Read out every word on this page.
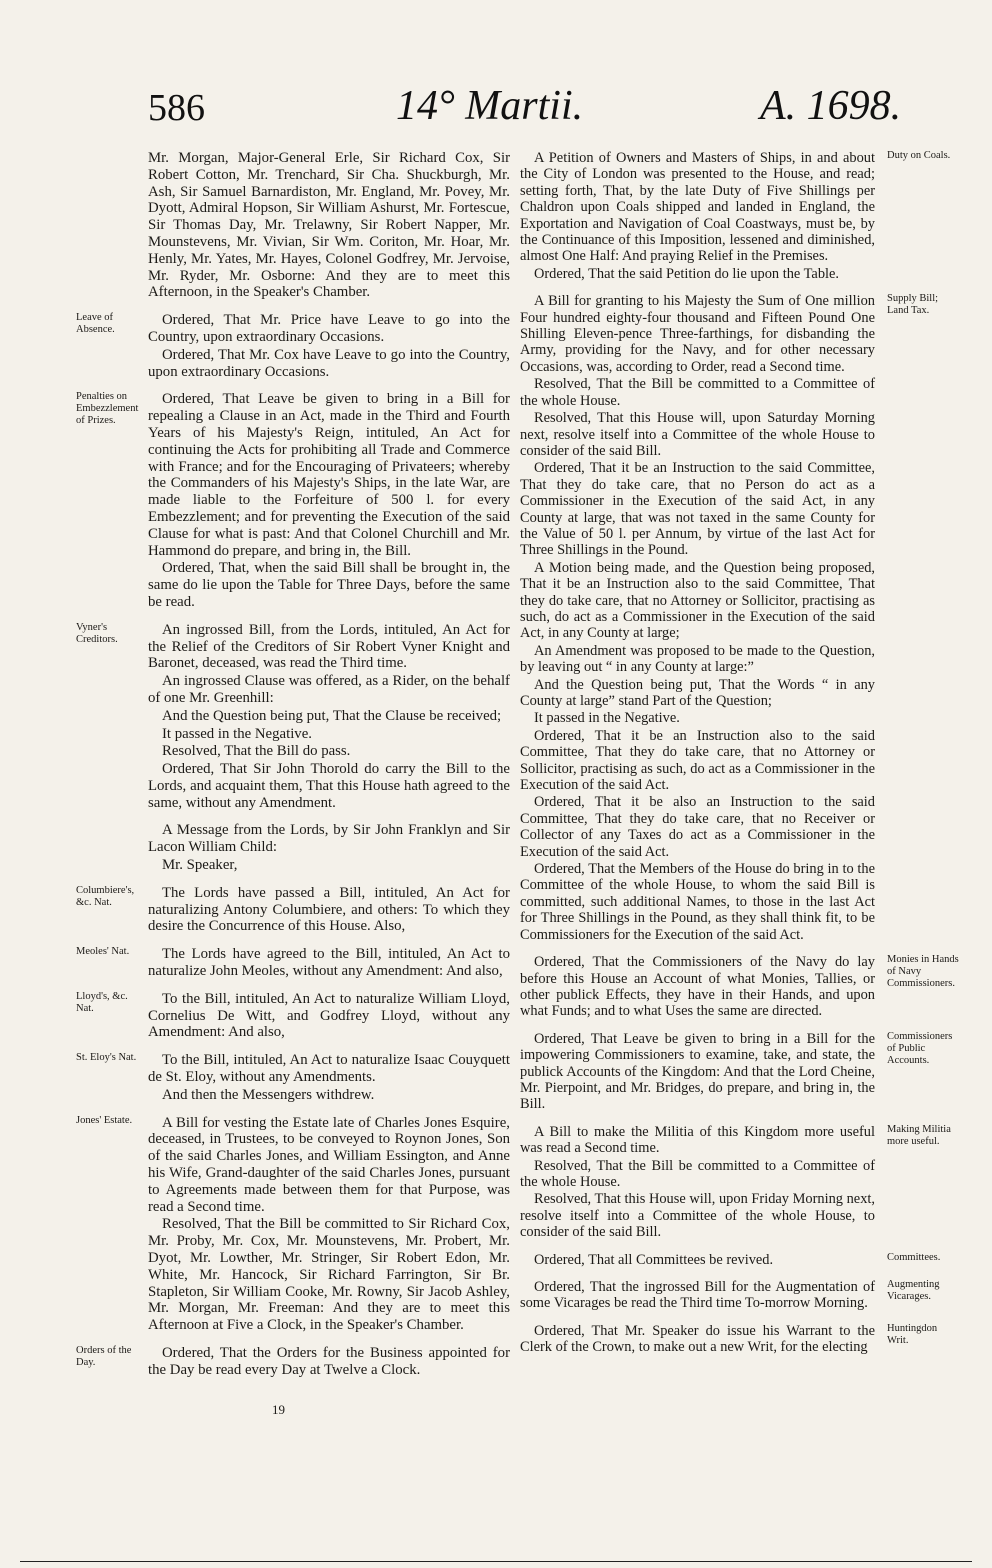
586	14° Martii.	A. 1698.

Mr. Morgan, Major-General Erle, Sir Richard Cox, Sir Robert Cotton, Mr. Trenchard, Sir Cha. Shuckburgh, Mr. Ash, Sir Samuel Barnardiston, Mr. England, Mr. Povey, Mr. Dyott, Admiral Hopson, Sir William Ashurst, Mr. Fortescue, Sir Thomas Day, Mr. Trelawny, Sir Robert Napper, Mr. Mounstevens, Mr. Vivian, Sir Wm. Coriton, Mr. Hoar, Mr. Henly, Mr. Yates, Mr. Hayes, Colonel Godfrey, Mr. Jervoise, Mr. Ryder, Mr. Osborne: And they are to meet this Afternoon, in the Speaker's Chamber.

Leave of Absence.

Ordered, That Mr. Price have Leave to go into the Country, upon extraordinary Occasions.

Ordered, That Mr. Cox have Leave to go into the Country, upon extraordinary Occasions.

Penalties on Embezzlement of Prizes.

Ordered, That Leave be given to bring in a Bill for repealing a Clause in an Act, made in the Third and Fourth Years of his Majesty's Reign, intituled, An Act for continuing the Acts for prohibiting all Trade and Commerce with France; and for the Encouraging of Privateers; whereby the Commanders of his Majesty's Ships, in the late War, are made liable to the Forfeiture of 500 l. for every Embezzlement; and for preventing the Execution of the said Clause for what is past: And that Colonel Churchill and Mr. Hammond do prepare, and bring in, the Bill.

Ordered, That, when the said Bill shall be brought in, the same do lie upon the Table for Three Days, before the same be read.

Vyner's Creditors.

An ingrossed Bill, from the Lords, intituled, An Act for the Relief of the Creditors of Sir Robert Vyner Knight and Baronet, deceased, was read the Third time.

An ingrossed Clause was offered, as a Rider, on the behalf of one Mr. Greenhill:

And the Question being put, That the Clause be received;

It passed in the Negative.

Resolved, That the Bill do pass.

Ordered, That Sir John Thorold do carry the Bill to the Lords, and acquaint them, That this House hath agreed to the same, without any Amendment.

A Message from the Lords, by Sir John Franklyn and Sir Lacon William Child:

Mr. Speaker,

Columbiere's, &c. Nat.

The Lords have passed a Bill, intituled, An Act for naturalizing Antony Columbiere, and others: To which they desire the Concurrence of this House. Also,

Meoles' Nat.	The Lords have agreed to the Bill, intituled, An Act to naturalize John Meoles, without any Amendment: And also,

Lloyd's, &c. Nat.

To the Bill, intituled, An Act to naturalize William Lloyd, Cornelius De Witt, and Godfrey Lloyd, without any Amendment: And also,

St. Eloy's Nat.	To the Bill, intituled, An Act to naturalize Isaac Couyquett de St. Eloy, without any Amendments.

And then the Messengers withdrew.

Jones' Estate.	A Bill for vesting the Estate late of Charles Jones Esquire, deceased, in Trustees, to be conveyed to Roynon Jones, Son of the said Charles Jones, and William Essington, and Anne his Wife, Grand-daughter of the said Charles Jones, pursuant to Agreements made between them for that Purpose, was read a Second time.

Resolved, That the Bill be committed to Sir Richard Cox, Mr. Proby, Mr. Cox, Mr. Mounstevens, Mr. Probert, Mr. Dyot, Mr. Lowther, Mr. Stringer, Sir Robert Edon, Mr. White, Mr. Hancock, Sir Richard Farrington, Sir Br. Stapleton, Sir William Cooke, Mr. Rowny, Sir Jacob Ashley, Mr. Morgan, Mr. Freeman: And they are to meet this Afternoon at Five a Clock, in the Speaker's Chamber.

Orders of the Day.

Ordered, That the Orders for the Business appointed for the Day be read every Day at Twelve a Clock.

Duty on Coals.

A Petition of Owners and Masters of Ships, in and about the City of London was presented to the House, and read; setting forth, That, by the late Duty of Five Shillings per Chaldron upon Coals shipped and landed in England, the Exportation and Navigation of Coal Coastways, must be, by the Continuance of this Imposition, lessened and diminished, almost One Half: And praying Relief in the Premises.

Ordered, That the said Petition do lie upon the Table.

Supply Bill; Land Tax.

A Bill for granting to his Majesty the Sum of One million Four hundred eighty-four thousand and Fifteen Pound One Shilling Eleven-pence Three-farthings, for disbanding the Army, providing for the Navy, and for other necessary Occasions, was, according to Order, read a Second time.

Resolved, That the Bill be committed to a Committee of the whole House.

Resolved, That this House will, upon Saturday Morning next, resolve itself into a Committee of the whole House to consider of the said Bill.

Ordered, That it be an Instruction to the said Committee, That they do take care, that no Person do act as a Commissioner in the Execution of the said Act, in any County at large, that was not taxed in the same County for the Value of 50 l. per Annum, by virtue of the last Act for Three Shillings in the Pound.

A Motion being made, and the Question being proposed, That it be an Instruction also to the said Committee, That they do take care, that no Attorney or Sollicitor, practising as such, do act as a Commissioner in the Execution of the said Act, in any County at large;

An Amendment was proposed to be made to the Question, by leaving out “ in any County at large:”

And the Question being put, That the Words “ in any County at large” stand Part of the Question;

It passed in the Negative.

Ordered, That it be an Instruction also to the said Committee, That they do take care, that no Attorney or Sollicitor, practising as such, do act as a Commissioner in the Execution of the said Act.

Ordered, That it be also an Instruction to the said Committee, That they do take care, that no Receiver or Collector of any Taxes do act as a Commissioner in the Execution of the said Act.

Ordered, That the Members of the House do bring in to the Committee of the whole House, to whom the said Bill is committed, such additional Names, to those in the last Act for Three Shillings in the Pound, as they shall think fit, to be Commissioners for the Execution of the said Act.

Monies in Hands of Navy Commissioners.

Ordered, That the Commissioners of the Navy do lay before this House an Account of what Monies, Tallies, or other publick Effects, they have in their Hands, and upon what Funds; and to what Uses the same are directed.

Commissioners of Public Accounts.

Ordered, That Leave be given to bring in a Bill for the impowering Commissioners to examine, take, and state, the publick Accounts of the Kingdom: And that the Lord Cheine, Mr. Pierpoint, and Mr. Bridges, do prepare, and bring in, the Bill.

Making Militia more useful.

A Bill to make the Militia of this Kingdom more useful was read a Second time.

Resolved, That the Bill be committed to a Committee of the whole House.

Resolved, That this House will, upon Friday Morning next, resolve itself into a Committee of the whole House, to consider of the said Bill.

Committees.

Ordered, That all Committees be revived.

Augmenting Vicarages.

Ordered, That the ingrossed Bill for the Augmentation of some Vicarages be read the Third time To-morrow Morning.

Huntingdon Writ.

Ordered, That Mr. Speaker do issue his Warrant to the Clerk of the Crown, to make out a new Writ, for the electing

19
